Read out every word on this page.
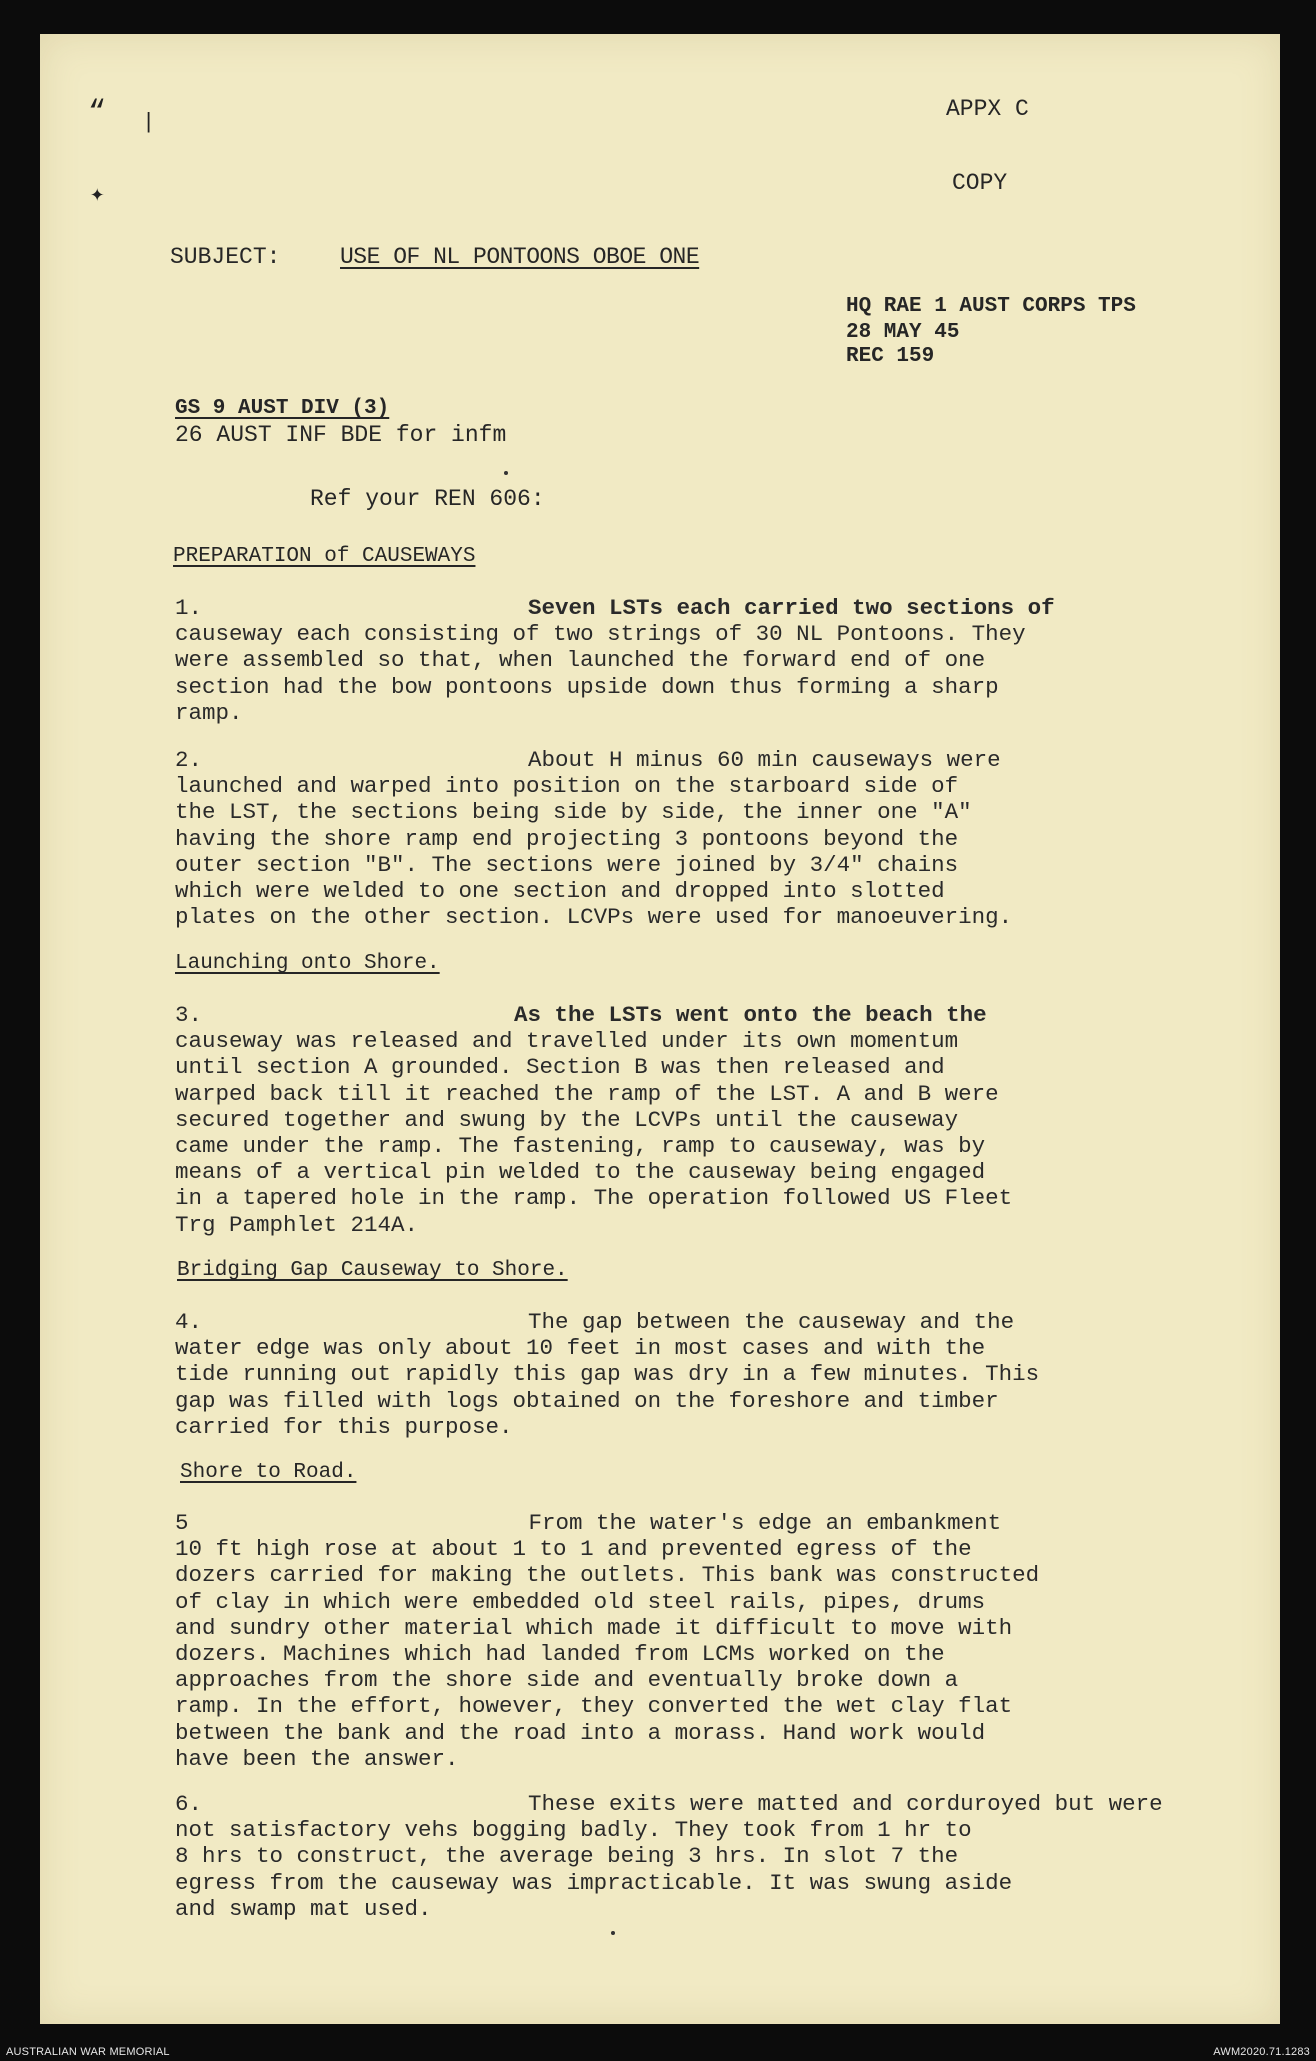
“ |
✦
APPX C
COPY
SUBJECT:	USE OF NL PONTOONS OBOE ONE
HQ RAE 1 AUST CORPS TPS
28 MAY 45
REC 159
GS 9 AUST DIV (3)
26 AUST INF BDE for infm
Ref your REN 606:
PREPARATION of CAUSEWAYS
1.	Seven LSTs each carried two sections of
causeway each consisting of two strings of 30 NL Pontoons. They
were assembled so that, when launched the forward end of one
section had the bow pontoons upside down thus forming a sharp
ramp.
2.	About H minus 60 min causeways were
launched and warped into position on the starboard side of
the LST, the sections being side by side, the inner one "A"
having the shore ramp end projecting 3 pontoons beyond the
outer section "B". The sections were joined by 3/4" chains
which were welded to one section and dropped into slotted
plates on the other section. LCVPs were used for manoeuvering.
Launching onto Shore.
3.	As the LSTs went onto the beach the
causeway was released and travelled under its own momentum
until section A grounded. Section B was then released and
warped back till it reached the ramp of the LST. A and B were
secured together and swung by the LCVPs until the causeway
came under the ramp. The fastening, ramp to causeway, was by
means of a vertical pin welded to the causeway being engaged
in a tapered hole in the ramp. The operation followed US Fleet
Trg Pamphlet 214A.
Bridging Gap Causeway to Shore.
4.	The gap between the causeway and the
water edge was only about 10 feet in most cases and with the
tide running out rapidly this gap was dry in a few minutes. This
gap was filled with logs obtained on the foreshore and timber
carried for this purpose.
Shore to Road.
5	From the water's edge an embankment
10 ft high rose at about 1 to 1 and prevented egress of the
dozers carried for making the outlets. This bank was constructed
of clay in which were embedded old steel rails, pipes, drums
and sundry other material which made it difficult to move with
dozers. Machines which had landed from LCMs worked on the
approaches from the shore side and eventually broke down a
ramp. In the effort, however, they converted the wet clay flat
between the bank and the road into a morass. Hand work would
have been the answer.
6.	These exits were matted and corduroyed but were
not satisfactory vehs bogging badly. They took from 1 hr to
8 hrs to construct, the average being 3 hrs. In slot 7 the
egress from the causeway was impracticable. It was swung aside
and swamp mat used.
AUSTRALIAN WAR MEMORIAL	AWM2020.71.1283
